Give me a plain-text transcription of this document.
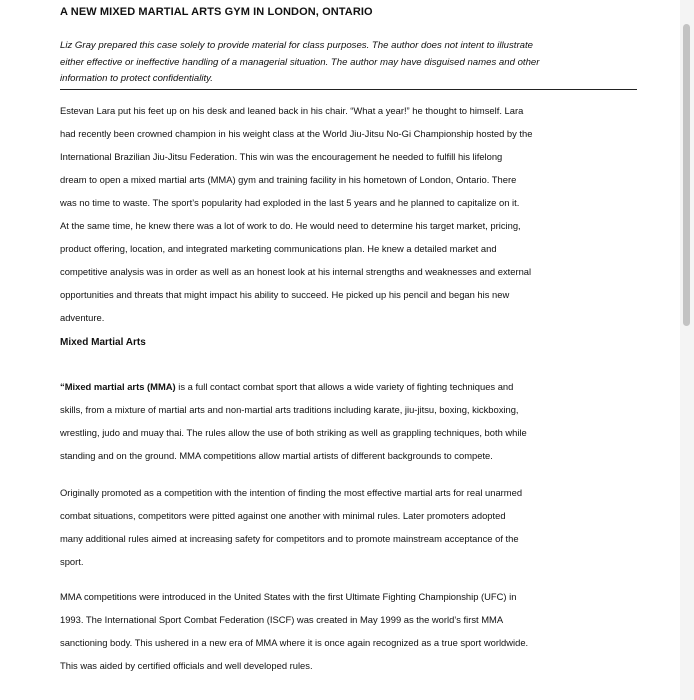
A NEW MIXED MARTIAL ARTS GYM IN LONDON, ONTARIO
Liz Gray prepared this case solely to provide material for class purposes. The author does not intent to illustrate
either effective or ineffective handling of a managerial situation. The author may have disguised names and other
information to protect confidentiality.
Estevan Lara put his feet up on his desk and leaned back in his chair. “What a year!” he thought to himself. Lara
had recently been crowned champion in his weight class at the World Jiu-Jitsu No-Gi Championship hosted by the
International Brazilian Jiu-Jitsu Federation. This win was the encouragement he needed to fulfill his lifelong
dream to open a mixed martial arts (MMA) gym and training facility in his hometown of London, Ontario. There
was no time to waste. The sport’s popularity had exploded in the last 5 years and he planned to capitalize on it.
At the same time, he knew there was a lot of work to do. He would need to determine his target market, pricing,
product offering, location, and integrated marketing communications plan. He knew a detailed market and
competitive analysis was in order as well as an honest look at his internal strengths and weaknesses and external
opportunities and threats that might impact his ability to succeed. He picked up his pencil and began his new
adventure.
Mixed Martial Arts
“Mixed martial arts (MMA) is a full contact combat sport that allows a wide variety of fighting techniques and
skills, from a mixture of martial arts and non-martial arts traditions including karate, jiu-jitsu, boxing, kickboxing,
wrestling, judo and muay thai. The rules allow the use of both striking as well as grappling techniques, both while
standing and on the ground. MMA competitions allow martial artists of different backgrounds to compete.
Originally promoted as a competition with the intention of finding the most effective martial arts for real unarmed
combat situations, competitors were pitted against one another with minimal rules. Later promoters adopted
many additional rules aimed at increasing safety for competitors and to promote mainstream acceptance of the
sport.
MMA competitions were introduced in the United States with the first Ultimate Fighting Championship (UFC) in
1993. The International Sport Combat Federation (ISCF) was created in May 1999 as the world’s first MMA
sanctioning body. This ushered in a new era of MMA where it is once again recognized as a true sport worldwide.
This was aided by certified officials and well developed rules.
